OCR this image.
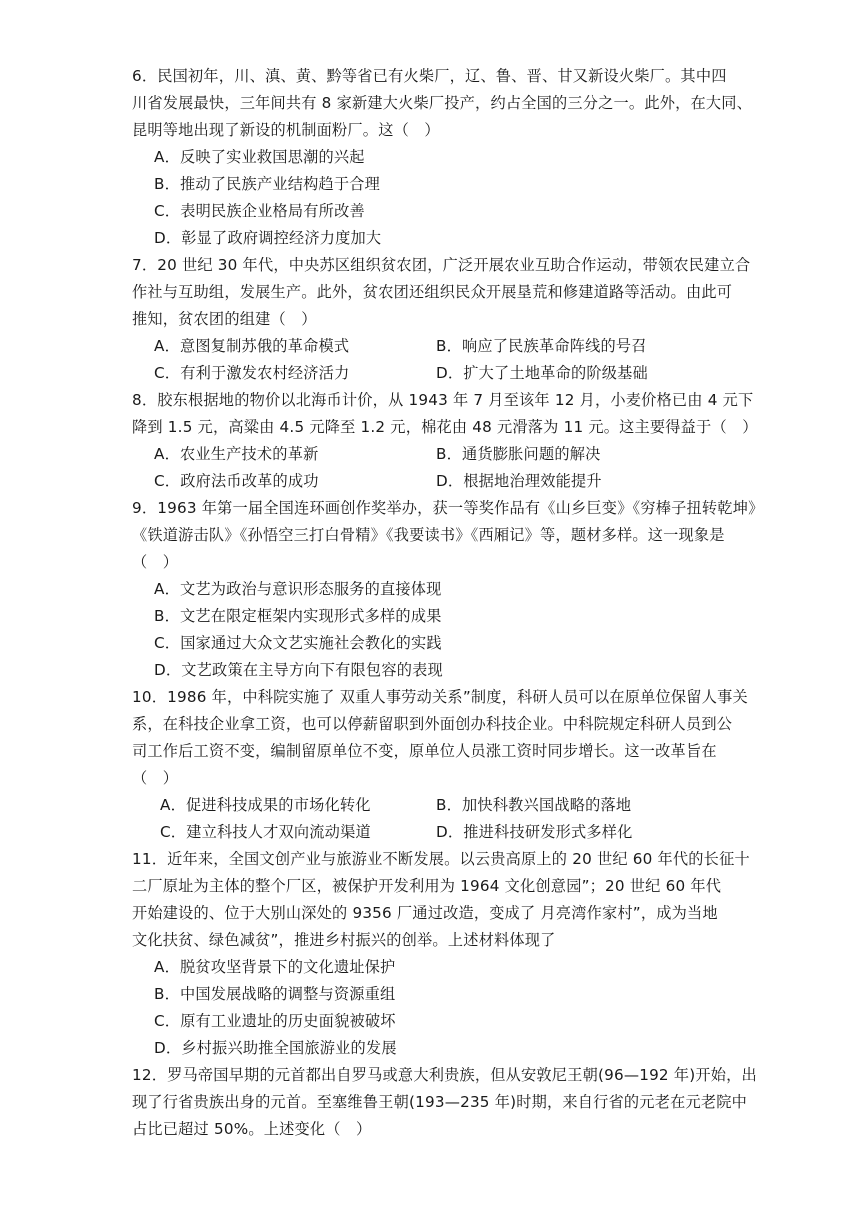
6．民国初年，川、滇、黄、黔等省已有火柴厂，辽、鲁、晋、甘又新设火柴厂。其中四
川省发展最快，三年间共有 8 家新建大火柴厂投产，约占全国的三分之一。此外，在大同、
昆明等地出现了新设的机制面粉厂。这（　）
A．反映了实业救国思潮的兴起
B．推动了民族产业结构趋于合理
C．表明民族企业格局有所改善
D．彰显了政府调控经济力度加大
7．20 世纪 30 年代，中央苏区组织贫农团，广泛开展农业互助合作运动，带领农民建立合
作社与互助组，发展生产。此外，贫农团还组织民众开展垦荒和修建道路等活动。由此可
推知，贫农团的组建（　）
A．意图复制苏俄的革命模式	B．响应了民族革命阵线的号召
C．有利于激发农村经济活力	D．扩大了土地革命的阶级基础
8．胶东根据地的物价以北海币计价，从 1943 年 7 月至该年 12 月，小麦价格已由 4 元下
降到 1.5 元，高粱由 4.5 元降至 1.2 元，棉花由 48 元滑落为 11 元。这主要得益于（　）
A．农业生产技术的革新	B．通货膨胀问题的解决
C．政府法币改革的成功	D．根据地治理效能提升
9．1963 年第一届全国连环画创作奖举办，获一等奖作品有《山乡巨变》《穷棒子扭转乾坤》
《铁道游击队》《孙悟空三打白骨精》《我要读书》《西厢记》等，题材多样。这一现象是
（　）
A．文艺为政治与意识形态服务的直接体现
B．文艺在限定框架内实现形式多样的成果
C．国家通过大众文艺实施社会教化的实践
D．文艺政策在主导方向下有限包容的表现
10．1986 年，中科院实施了 双重人事劳动关系”制度，科研人员可以在原单位保留人事关
系，在科技企业拿工资，也可以停薪留职到外面创办科技企业。中科院规定科研人员到公
司工作后工资不变，编制留原单位不变，原单位人员涨工资时同步增长。这一改革旨在
（　）
A．促进科技成果的市场化转化	B．加快科教兴国战略的落地
C．建立科技人才双向流动渠道	D．推进科技研发形式多样化
11．近年来，全国文创产业与旅游业不断发展。以云贵高原上的 20 世纪 60 年代的长征十
二厂原址为主体的整个厂区，被保护开发利用为 1964 文化创意园”；20 世纪 60 年代
开始建设的、位于大别山深处的 9356 厂通过改造，变成了 月亮湾作家村”，成为当地
文化扶贫、绿色减贫”，推进乡村振兴的创举。上述材料体现了
A．脱贫攻坚背景下的文化遗址保护
B．中国发展战略的调整与资源重组
C．原有工业遗址的历史面貌被破坏
D．乡村振兴助推全国旅游业的发展
12．罗马帝国早期的元首都出自罗马或意大利贵族，但从安敦尼王朝(96—192 年)开始，出
现了行省贵族出身的元首。至塞维鲁王朝(193—235 年)时期，来自行省的元老在元老院中
占比已超过 50%。上述变化（　）
